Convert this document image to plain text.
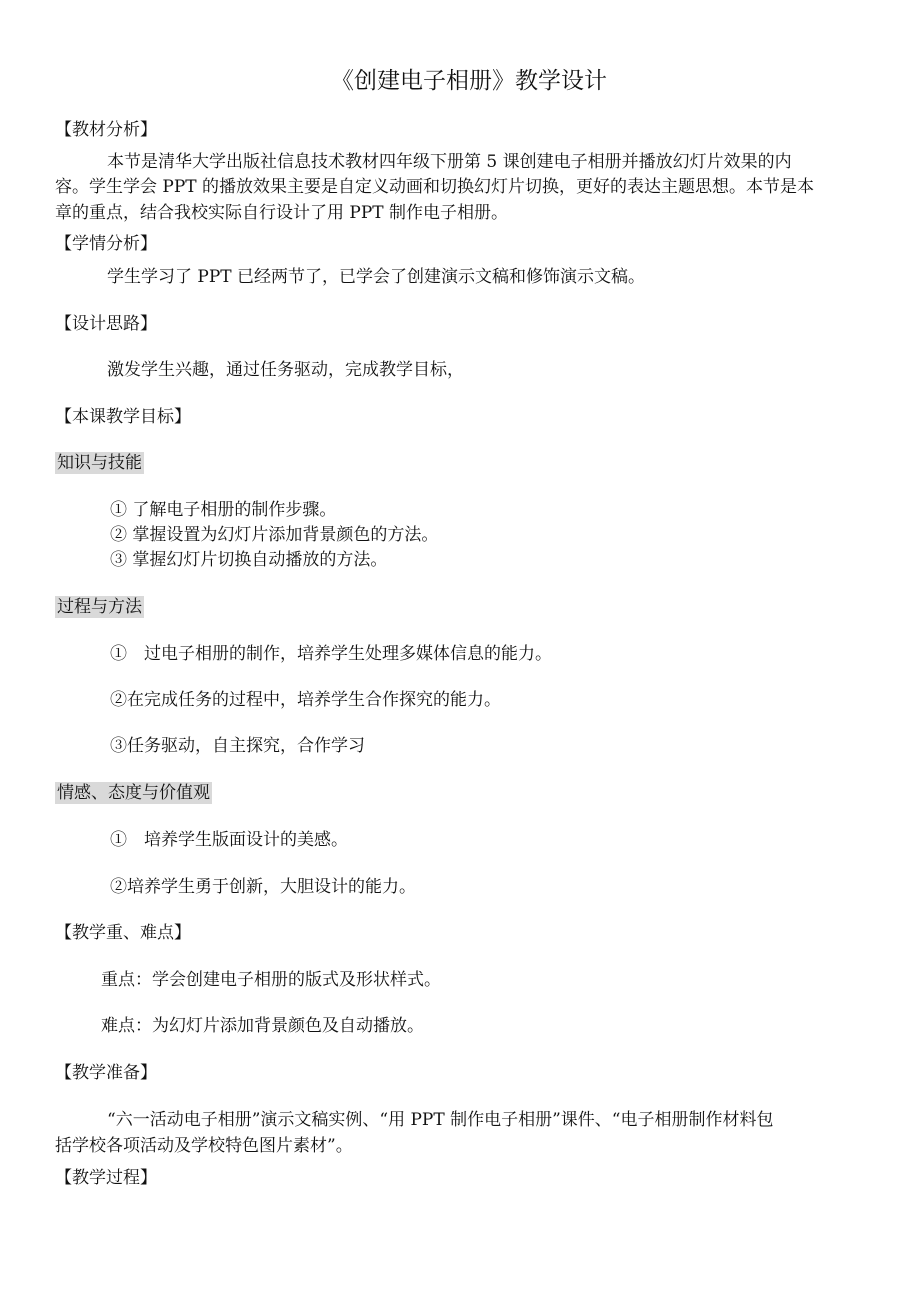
《创建电子相册》教学设计
【教材分析】
本节是清华大学出版社信息技术教材四年级下册第 5 课创建电子相册并播放幻灯片效果的内
容。学生学会 PPT 的播放效果主要是自定义动画和切换幻灯片切换，更好的表达主题思想。本节是本
章的重点，结合我校实际自行设计了用 PPT 制作电子相册。
【学情分析】
学生学习了 PPT 已经两节了，已学会了创建演示文稿和修饰演示文稿。
【设计思路】
激发学生兴趣，通过任务驱动，完成教学目标，
【本课教学目标】
知识与技能
① 了解电子相册的制作步骤。
② 掌握设置为幻灯片添加背景颜色的方法。
③ 掌握幻灯片切换自动播放的方法。
过程与方法
①　过电子相册的制作，培养学生处理多媒体信息的能力。
②在完成任务的过程中，培养学生合作探究的能力。
③任务驱动，自主探究，合作学习
情感、态度与价值观
①　培养学生版面设计的美感。
②培养学生勇于创新，大胆设计的能力。
【教学重、难点】
重点：学会创建电子相册的版式及形状样式。
难点：为幻灯片添加背景颜色及自动播放。
【教学准备】
“六一活动电子相册”演示文稿实例、“用 PPT 制作电子相册”课件、“电子相册制作材料包
括学校各项活动及学校特色图片素材”。
【教学过程】
